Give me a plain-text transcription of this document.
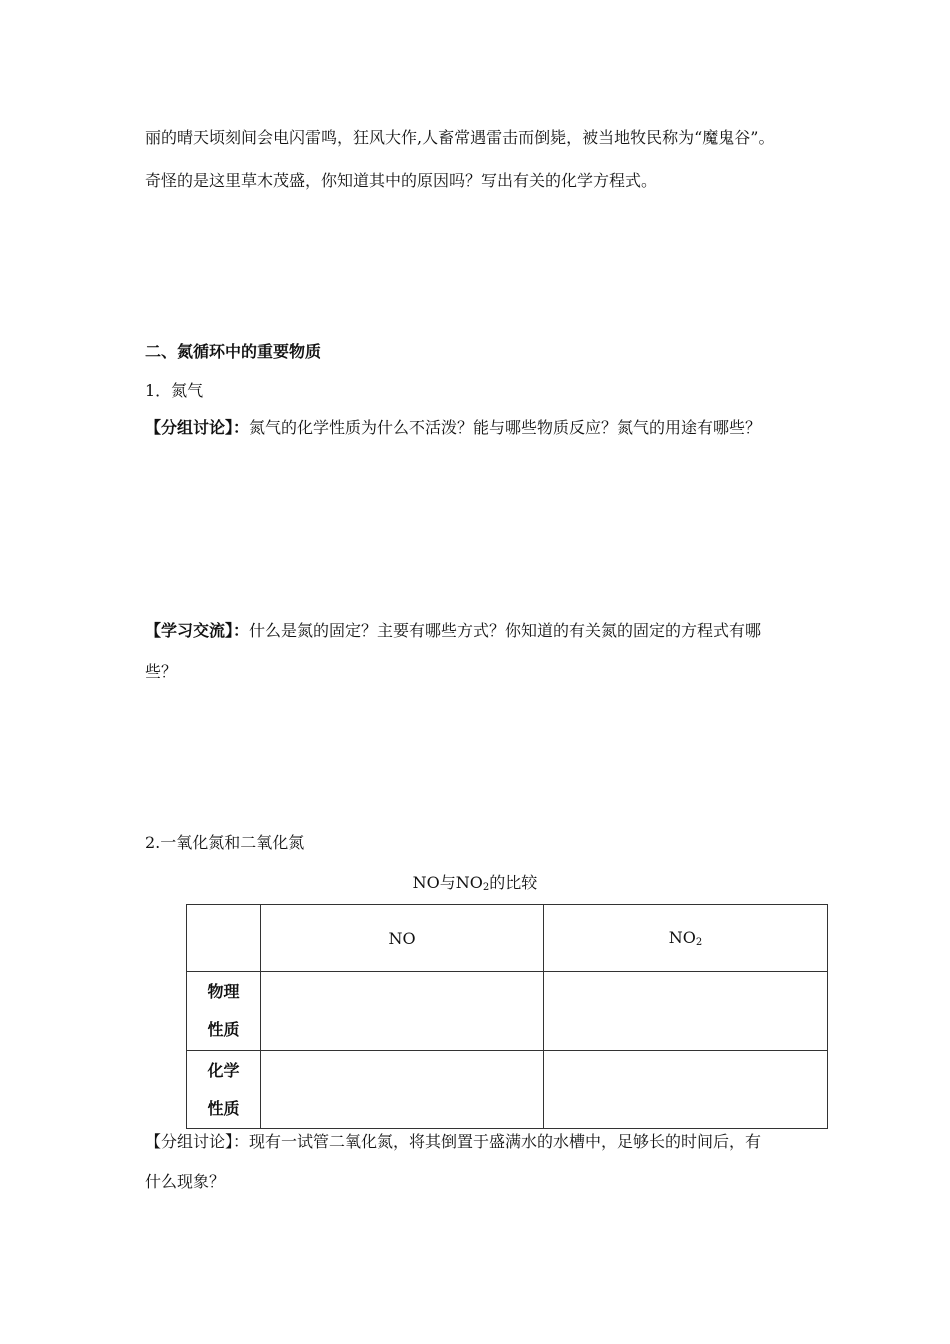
丽的晴天顷刻间会电闪雷鸣，狂风大作,人畜常遇雷击而倒毙，被当地牧民称为“魔鬼谷”。
奇怪的是这里草木茂盛，你知道其中的原因吗？写出有关的化学方程式。
二、氮循环中的重要物质
1．氮气
【分组讨论】：氮气的化学性质为什么不活泼？能与哪些物质反应？氮气的用途有哪些？
【学习交流】：什么是氮的固定？主要有哪些方式？你知道的有关氮的固定的方程式有哪
些？
2.一氧化氮和二氧化氮
NO与$NO_2$的比较
	NO	$NO_2$
物理性质		
化学性质		
【分组讨论】：现有一试管二氧化氮，将其倒置于盛满水的水槽中，足够长的时间后，有
什么现象？
